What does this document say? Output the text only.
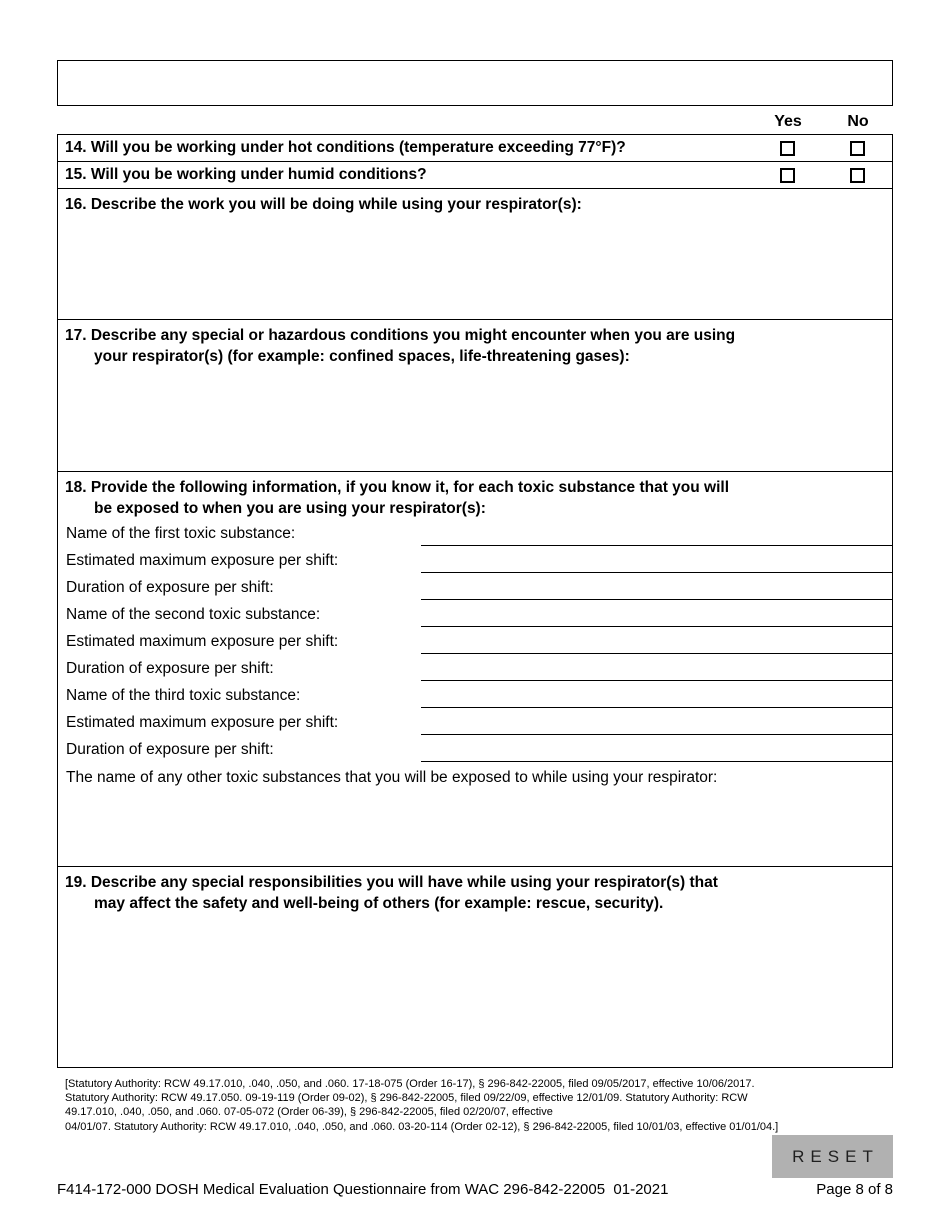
Yes	No
14. Will you be working under hot conditions (temperature exceeding 77°F)?
15. Will you be working under humid conditions?
16. Describe the work you will be doing while using your respirator(s):
17. Describe any special or hazardous conditions you might encounter when you are using
your respirator(s) (for example: confined spaces, life-threatening gases):
18. Provide the following information, if you know it, for each toxic substance that you will
be exposed to when you are using your respirator(s):
Name of the first toxic substance:
Estimated maximum exposure per shift:
Duration of exposure per shift:
Name of the second toxic substance:
Estimated maximum exposure per shift:
Duration of exposure per shift:
Name of the third toxic substance:
Estimated maximum exposure per shift:
Duration of exposure per shift:
The name of any other toxic substances that you will be exposed to while using your respirator:
19. Describe any special responsibilities you will have while using your respirator(s) that
may affect the safety and well-being of others (for example: rescue, security).
[Statutory Authority: RCW 49.17.010, .040, .050, and .060. 17-18-075 (Order 16-17), § 296-842-22005, filed 09/05/2017, effective 10/06/2017.
Statutory Authority: RCW 49.17.050. 09-19-119 (Order 09-02), § 296-842-22005, filed 09/22/09, effective 12/01/09. Statutory Authority: RCW
49.17.010, .040, .050, and .060. 07-05-072 (Order 06-39), § 296-842-22005, filed 02/20/07, effective
04/01/07. Statutory Authority: RCW 49.17.010, .040, .050, and .060. 03-20-114 (Order 02-12), § 296-842-22005, filed 10/01/03, effective 01/01/04.]
RESET
F414-172-000 DOSH Medical Evaluation Questionnaire from WAC 296-842-22005  01-2021	Page 8 of 8
